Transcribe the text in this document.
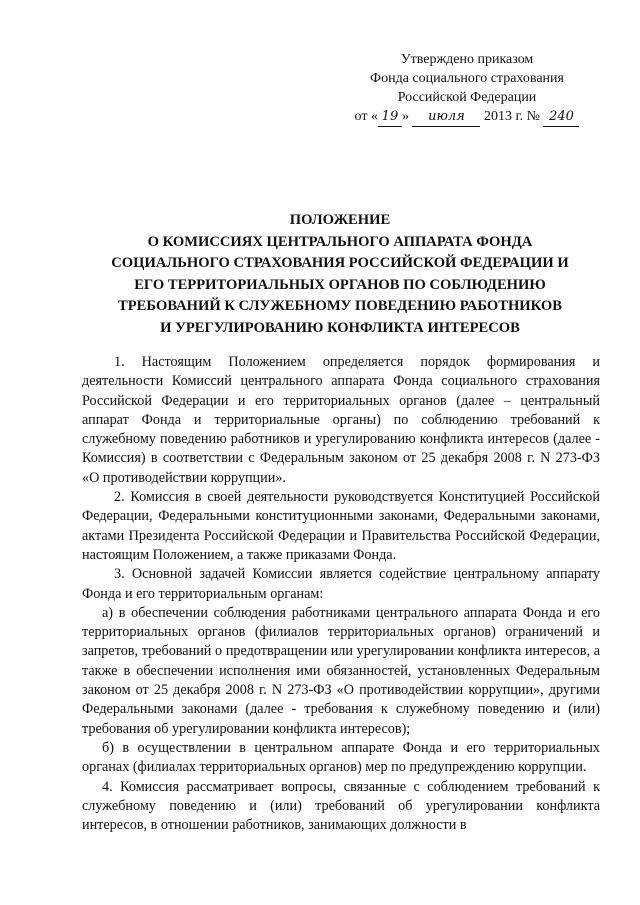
Утверждено приказом
Фонда социального страхования
Российской Федерации
от « 19 » июля 2013 г. № 240
ПОЛОЖЕНИЕ
О КОМИССИЯХ ЦЕНТРАЛЬНОГО АППАРАТА ФОНДА
СОЦИАЛЬНОГО СТРАХОВАНИЯ РОССИЙСКОЙ ФЕДЕРАЦИИ И
ЕГО ТЕРРИТОРИАЛЬНЫХ ОРГАНОВ ПО СОБЛЮДЕНИЮ
ТРЕБОВАНИЙ К СЛУЖЕБНОМУ ПОВЕДЕНИЮ РАБОТНИКОВ
И УРЕГУЛИРОВАНИЮ КОНФЛИКТА ИНТЕРЕСОВ

1. Настоящим Положением определяется порядок формирования и деятельности Комиссий центрального аппарата Фонда социального страхования Российской Федерации и его территориальных органов (далее – центральный аппарат Фонда и территориальные органы) по соблюдению требований к служебному поведению работников и урегулированию конфликта интересов (далее - Комиссия) в соответствии с Федеральным законом от 25 декабря 2008 г. N 273-ФЗ «О противодействии коррупции».

2. Комиссия в своей деятельности руководствуется Конституцией Российской Федерации, Федеральными конституционными законами, Федеральными законами, актами Президента Российской Федерации и Правительства Российской Федерации, настоящим Положением, а также приказами Фонда.

3. Основной задачей Комиссии является содействие центральному аппарату Фонда и его территориальным органам:

а) в обеспечении соблюдения работниками центрального аппарата Фонда и его территориальных органов (филиалов территориальных органов) ограничений и запретов, требований о предотвращении или урегулировании конфликта интересов, а также в обеспечении исполнения ими обязанностей, установленных Федеральным законом от 25 декабря 2008 г. N 273-ФЗ «О противодействии коррупции», другими Федеральными законами (далее - требования к служебному поведению и (или) требования об урегулировании конфликта интересов);

б) в осуществлении в центральном аппарате Фонда и его территориальных органах (филиалах территориальных органов) мер по предупреждению коррупции.

4. Комиссия рассматривает вопросы, связанные с соблюдением требований к служебному поведению и (или) требований об урегулировании конфликта интересов, в отношении работников, занимающих должности в
